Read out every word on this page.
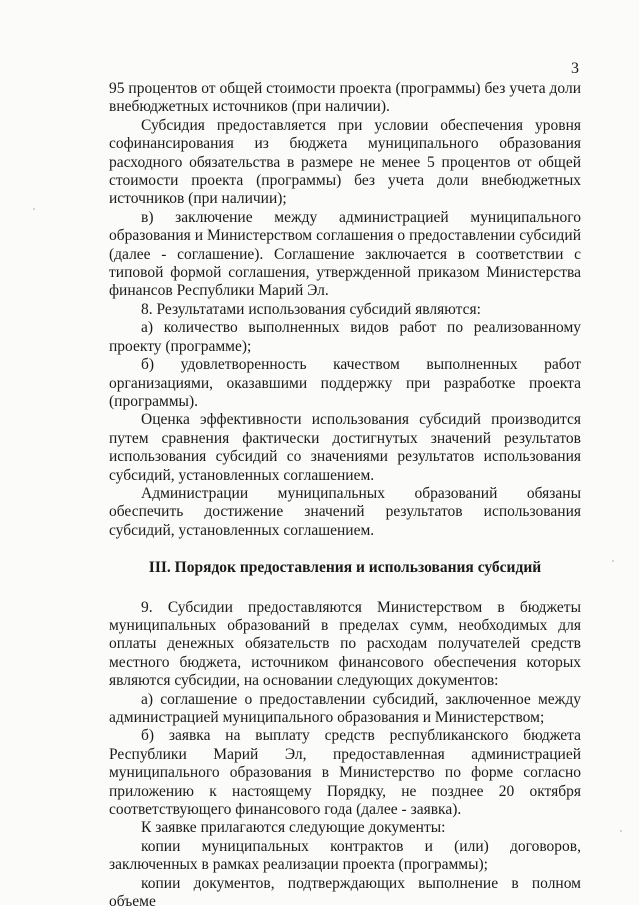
3

95 процентов от общей стоимости проекта (программы) без учета доли внебюджетных источников (при наличии).

Субсидия предоставляется при условии обеспечения уровня софинансирования из бюджета муниципального образования расходного обязательства в размере не менее 5 процентов от общей стоимости проекта (программы) без учета доли внебюджетных источников (при наличии);

в) заключение между администрацией муниципального образования и Министерством соглашения о предоставлении субсидий (далее - соглашение). Соглашение заключается в соответствии с типовой формой соглашения, утвержденной приказом Министерства финансов Республики Марий Эл.

8. Результатами использования субсидий являются:

а) количество выполненных видов работ по реализованному проекту (программе);

б) удовлетворенность качеством выполненных работ организациями, оказавшими поддержку при разработке проекта (программы).

Оценка эффективности использования субсидий производится путем сравнения фактически достигнутых значений результатов использования субсидий со значениями результатов использования субсидий, установленных соглашением.

Администрации муниципальных образований обязаны обеспечить достижение значений результатов использования субсидий, установленных соглашением.

III. Порядок предоставления и использования субсидий

9. Субсидии предоставляются Министерством в бюджеты муниципальных образований в пределах сумм, необходимых для оплаты денежных обязательств по расходам получателей средств местного бюджета, источником финансового обеспечения которых являются субсидии, на основании следующих документов:

а) соглашение о предоставлении субсидий, заключенное между администрацией муниципального образования и Министерством;

б) заявка на выплату средств республиканского бюджета Республики Марий Эл, предоставленная администрацией муниципального образования в Министерство по форме согласно приложению к настоящему Порядку, не позднее 20 октября соответствующего финансового года (далее - заявка).

К заявке прилагаются следующие документы:

копии муниципальных контрактов и (или) договоров, заключенных в рамках реализации проекта (программы);

копии документов, подтверждающих выполнение в полном объеме
